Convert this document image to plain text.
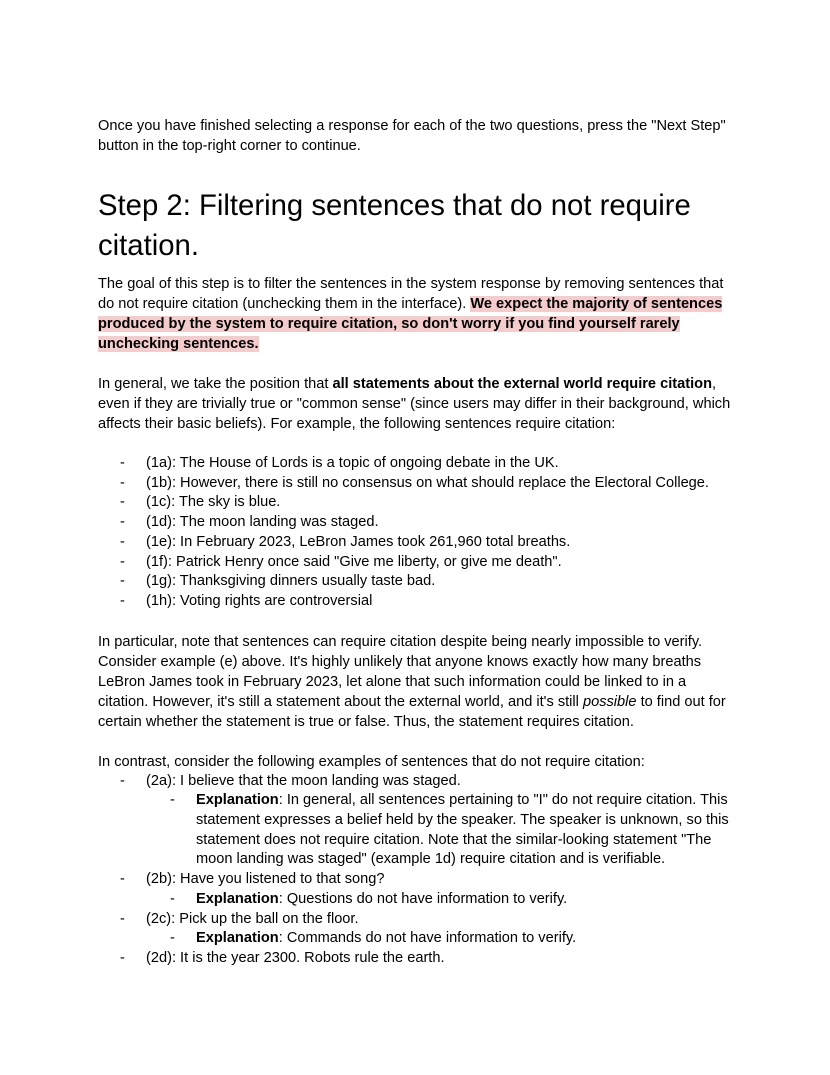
Once you have finished selecting a response for each of the two questions, press the "Next Step" button in the top-right corner to continue.

Step 2: Filtering sentences that do not require citation.

The goal of this step is to filter the sentences in the system response by removing sentences that do not require citation (unchecking them in the interface). We expect the majority of sentences produced by the system to require citation, so don't worry if you find yourself rarely unchecking sentences.

In general, we take the position that all statements about the external world require citation, even if they are trivially true or "common sense" (since users may differ in their background, which affects their basic beliefs). For example, the following sentences require citation:

- (1a): The House of Lords is a topic of ongoing debate in the UK.
- (1b): However, there is still no consensus on what should replace the Electoral College.
- (1c): The sky is blue.
- (1d): The moon landing was staged.
- (1e): In February 2023, LeBron James took 261,960 total breaths.
- (1f): Patrick Henry once said "Give me liberty, or give me death".
- (1g): Thanksgiving dinners usually taste bad.
- (1h): Voting rights are controversial

In particular, note that sentences can require citation despite being nearly impossible to verify. Consider example (e) above. It's highly unlikely that anyone knows exactly how many breaths LeBron James took in February 2023, let alone that such information could be linked to in a citation. However, it's still a statement about the external world, and it's still possible to find out for certain whether the statement is true or false. Thus, the statement requires citation.

In contrast, consider the following examples of sentences that do not require citation:

- (2a): I believe that the moon landing was staged.
- Explanation: In general, all sentences pertaining to "I" do not require citation. This statement expresses a belief held by the speaker. The speaker is unknown, so this statement does not require citation. Note that the similar-looking statement "The moon landing was staged" (example 1d) require citation and is verifiable.
- (2b): Have you listened to that song?
- Explanation: Questions do not have information to verify.
- (2c): Pick up the ball on the floor.
- Explanation: Commands do not have information to verify.
- (2d): It is the year 2300. Robots rule the earth.
